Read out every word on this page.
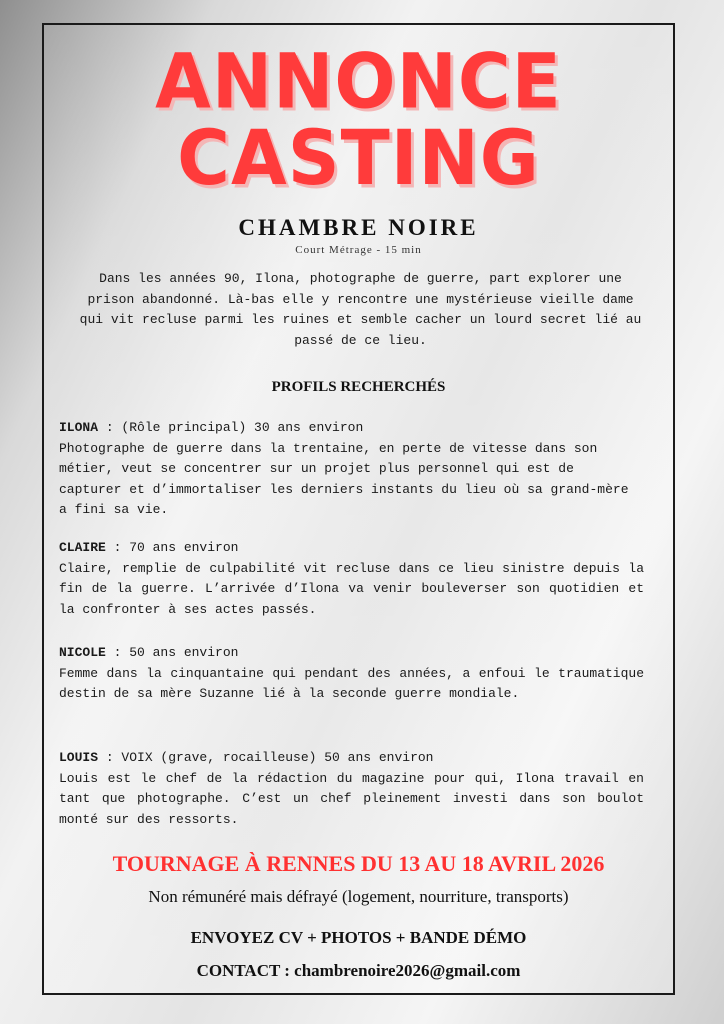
ANNONCE
CASTING
CHAMBRE NOIRE
Court Métrage - 15 min

Dans les années 90, Ilona, photographe de guerre, part explorer une prison abandonné. Là-bas elle y rencontre une mystérieuse vieille dame qui vit recluse parmi les ruines et semble cacher un lourd secret lié au passé de ce lieu.

PROFILS RECHERCHÉS

ILONA : (Rôle principal) 30 ans environ
Photographe de guerre dans la trentaine, en perte de vitesse dans son métier, veut se concentrer sur un projet plus personnel qui est de capturer et d’immortaliser les derniers instants du lieu où sa grand-mère a fini sa vie.

CLAIRE : 70 ans environ
Claire, remplie de culpabilité vit recluse dans ce lieu sinistre depuis la fin de la guerre. L’arrivée d’Ilona va venir bouleverser son quotidien et la confronter à ses actes passés.

NICOLE : 50 ans environ
Femme dans la cinquantaine qui pendant des années, a enfoui le traumatique destin de sa mère Suzanne lié à la seconde guerre mondiale.

LOUIS : VOIX (grave, rocailleuse) 50 ans environ
Louis est le chef de la rédaction du magazine pour qui, Ilona travail en tant que photographe. C’est un chef pleinement investi dans son boulot monté sur des ressorts.

TOURNAGE À RENNES DU 13 AU 18 AVRIL 2026
Non rémunéré mais défrayé (logement, nourriture, transports)
ENVOYEZ CV + PHOTOS + BANDE DÉMO
CONTACT : chambrenoire2026@gmail.com
